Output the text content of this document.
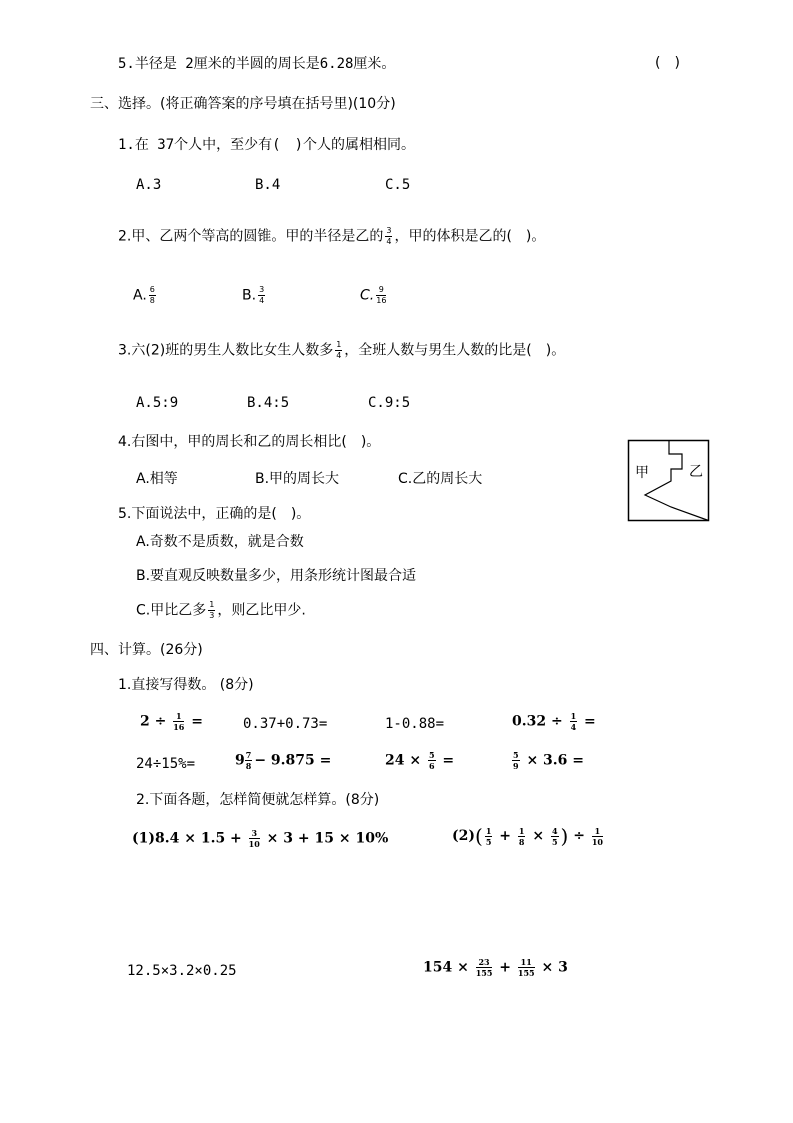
5.半径是 2厘米的半圆的周长是6.28厘米。	(　)
三、选择。(将正确答案的序号填在括号里)(10分)
1.在 37个人中，至少有(　)个人的属相相同。
A.3	B.4	C.5
2.甲、乙两个等高的圆锥。甲的半径是乙的 $\frac{3}{4}$ ，甲的体积是乙的(　)。
A. $\frac{6}{8}$	B. $\frac{3}{4}$	C. $\frac{9}{16}$
3.六(2)班的男生人数比女生人数多 $\frac{1}{4}$ ，全班人数与男生人数的比是(　)。
A.5:9	B.4:5	C.9:5
4.右图中，甲的周长和乙的周长相比(　)。
A.相等	B.甲的周长大	C.乙的周长大	甲	乙
5.下面说法中，正确的是(　)。
A.奇数不是质数，就是合数
B.要直观反映数量多少，用条形统计图最合适
C.甲比乙多 $\frac{1}{3}$ ，则乙比甲少.
四、计算。(26分)
1.直接写得数。 (8分)
$2 \div \frac{1}{16}$ =	0.37+0.73=	1-0.88=	$0.32 \div \frac{1}{4}$ =
24÷15%=	$9 \frac{7}{8} - 9.875$ =	$24 \times \frac{5}{6}$ =	$\frac{5}{9} \times 3.6$ =
2.下面各题，怎样简便就怎样算。(8分)
$(1)8.4 \times 1.5 + \frac{3}{10} \times 3 + 15 \times 10\%$	$(2)( \frac{1}{5} + \frac{1}{8} \times \frac{4}{5}$ ) ÷ $\frac{1}{10}$
12.5×3.2×0.25	$154 \times \frac{23}{155} + \frac{11}{155} \times 3$
